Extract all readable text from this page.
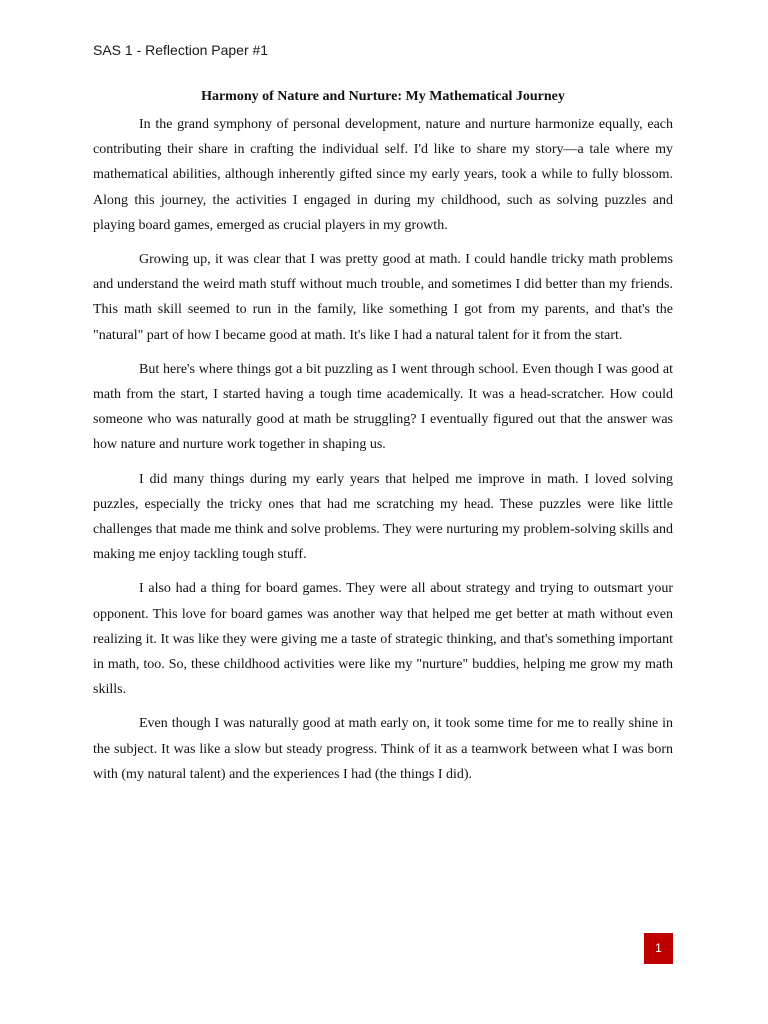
SAS 1 - Reflection Paper #1
Harmony of Nature and Nurture: My Mathematical Journey

In the grand symphony of personal development, nature and nurture harmonize equally, each contributing their share in crafting the individual self. I'd like to share my story—a tale where my mathematical abilities, although inherently gifted since my early years, took a while to fully blossom. Along this journey, the activities I engaged in during my childhood, such as solving puzzles and playing board games, emerged as crucial players in my growth.

Growing up, it was clear that I was pretty good at math. I could handle tricky math problems and understand the weird math stuff without much trouble, and sometimes I did better than my friends. This math skill seemed to run in the family, like something I got from my parents, and that's the "natural" part of how I became good at math. It's like I had a natural talent for it from the start.

But here's where things got a bit puzzling as I went through school. Even though I was good at math from the start, I started having a tough time academically. It was a head-scratcher. How could someone who was naturally good at math be struggling? I eventually figured out that the answer was how nature and nurture work together in shaping us.

I did many things during my early years that helped me improve in math. I loved solving puzzles, especially the tricky ones that had me scratching my head. These puzzles were like little challenges that made me think and solve problems. They were nurturing my problem-solving skills and making me enjoy tackling tough stuff.

I also had a thing for board games. They were all about strategy and trying to outsmart your opponent. This love for board games was another way that helped me get better at math without even realizing it. It was like they were giving me a taste of strategic thinking, and that's something important in math, too. So, these childhood activities were like my "nurture" buddies, helping me grow my math skills.

Even though I was naturally good at math early on, it took some time for me to really shine in the subject. It was like a slow but steady progress. Think of it as a teamwork between what I was born with (my natural talent) and the experiences I had (the things I did).

1
